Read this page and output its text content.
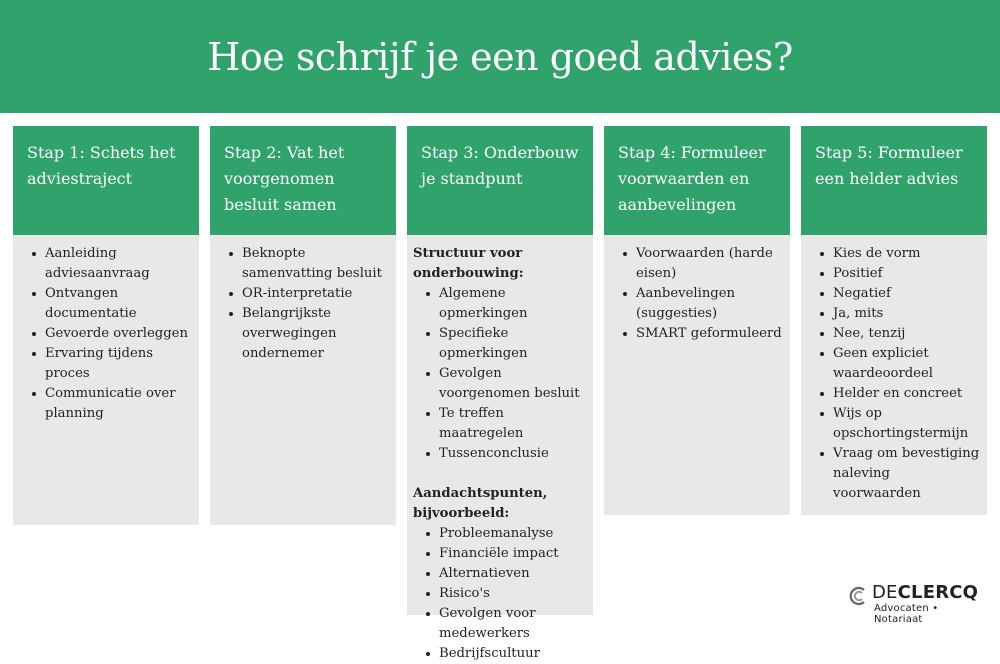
Hoe schrijf je een goed advies?
Stap 1: Schets het adviestraject
Aanleiding adviesaanvraag
Ontvangen documentatie
Gevoerde overleggen
Ervaring tijdens proces
Communicatie over planning
Stap 2: Vat het voorgenomen besluit samen
Beknopte samenvatting besluit
OR-interpretatie
Belangrijkste overwegingen ondernemer
Stap 3: Onderbouw je standpunt
Structuur voor onderbouwing:
Algemene opmerkingen
Specifieke opmerkingen
Gevolgen voorgenomen besluit
Te treffen maatregelen
Tussenconclusie
Aandachtspunten, bijvoorbeeld:
Probleemanalyse
Financiële impact
Alternatieven
Risico's
Gevolgen voor medewerkers
Bedrijfscultuur
Stap 4: Formuleer voorwaarden en aanbevelingen
Voorwaarden (harde eisen)
Aanbevelingen (suggesties)
SMART geformuleerd
Stap 5: Formuleer een helder advies
Kies de vorm
Positief
Negatief
Ja, mits
Nee, tenzij
Geen expliciet waardeoordeel
Helder en concreet
Wijs op opschortingstermijn
Vraag om bevestiging naleving voorwaarden
DECLERCQ
Advocaten • Notariaat
